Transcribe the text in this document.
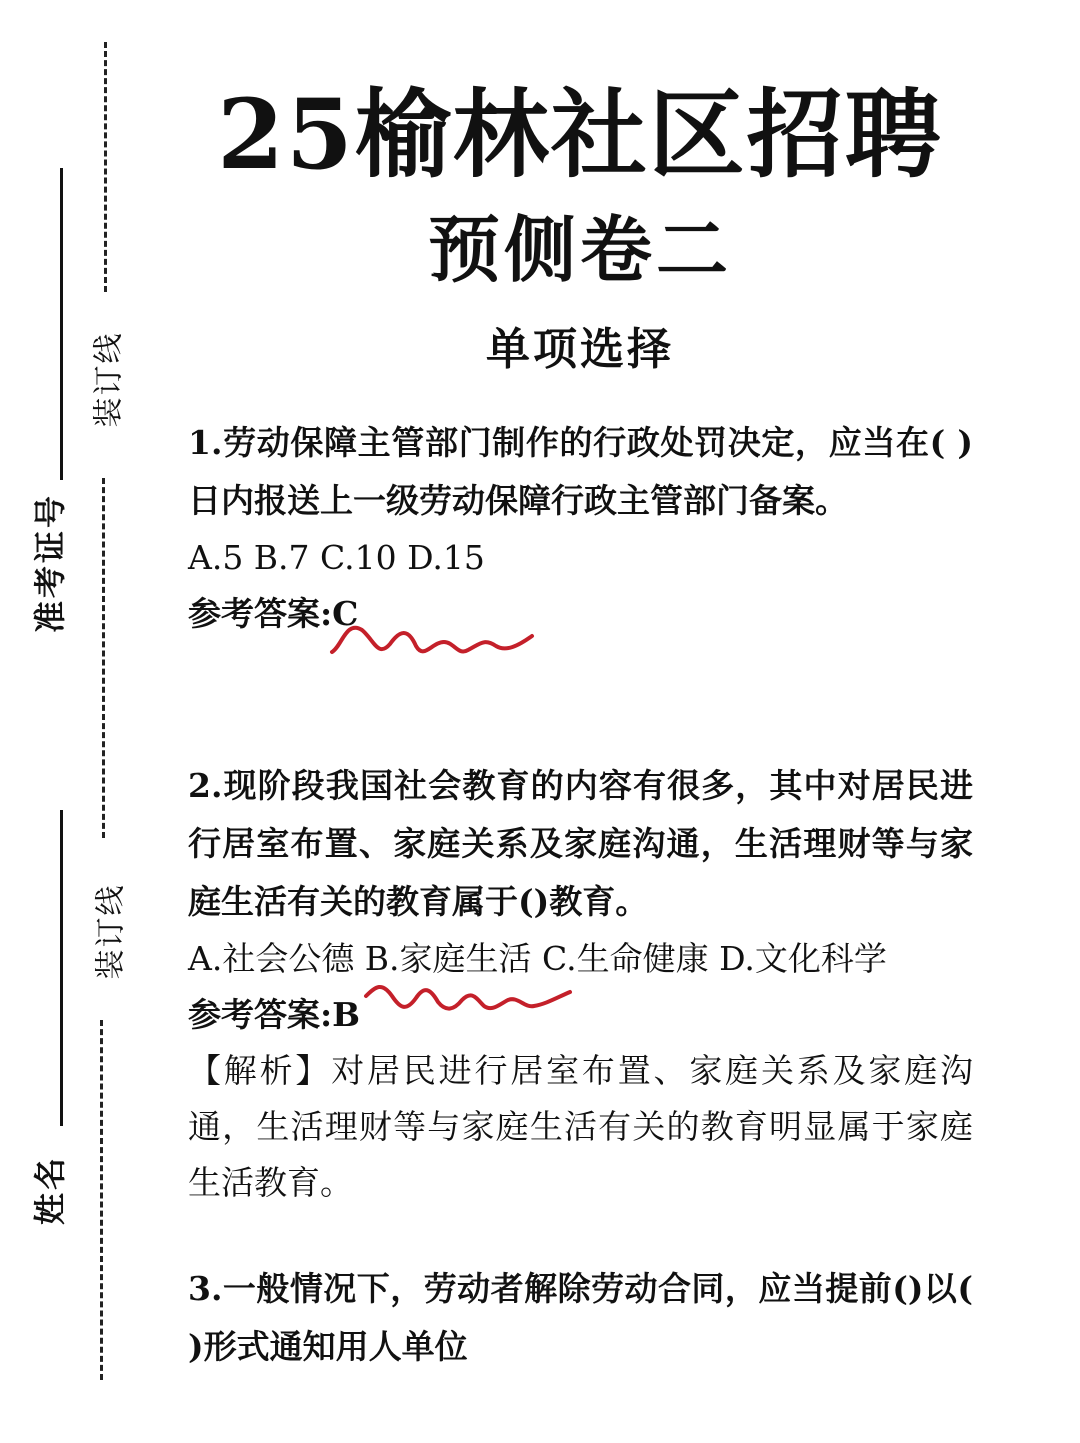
装订线
装订线
准考证号
姓名
25榆林社区招聘
预侧卷二
单项选择

1.劳动保障主管部门制作的行政处罚决定，应当在( )日内报送上一级劳动保障行政主管部门备案。

A.5 B.7 C.10 D.15

参考答案:C

2.现阶段我国社会教育的内容有很多，其中对居民进行居室布置、家庭关系及家庭沟通，生活理财等与家庭生活有关的教育属于()教育。

A.社会公德 B.家庭生活 C.生命健康 D.文化科学

参考答案:B

【解析】对居民进行居室布置、家庭关系及家庭沟通，生活理财等与家庭生活有关的教育明显属于家庭生活教育。

3.一般情况下，劳动者解除劳动合同，应当提前()以( )形式通知用人单位
